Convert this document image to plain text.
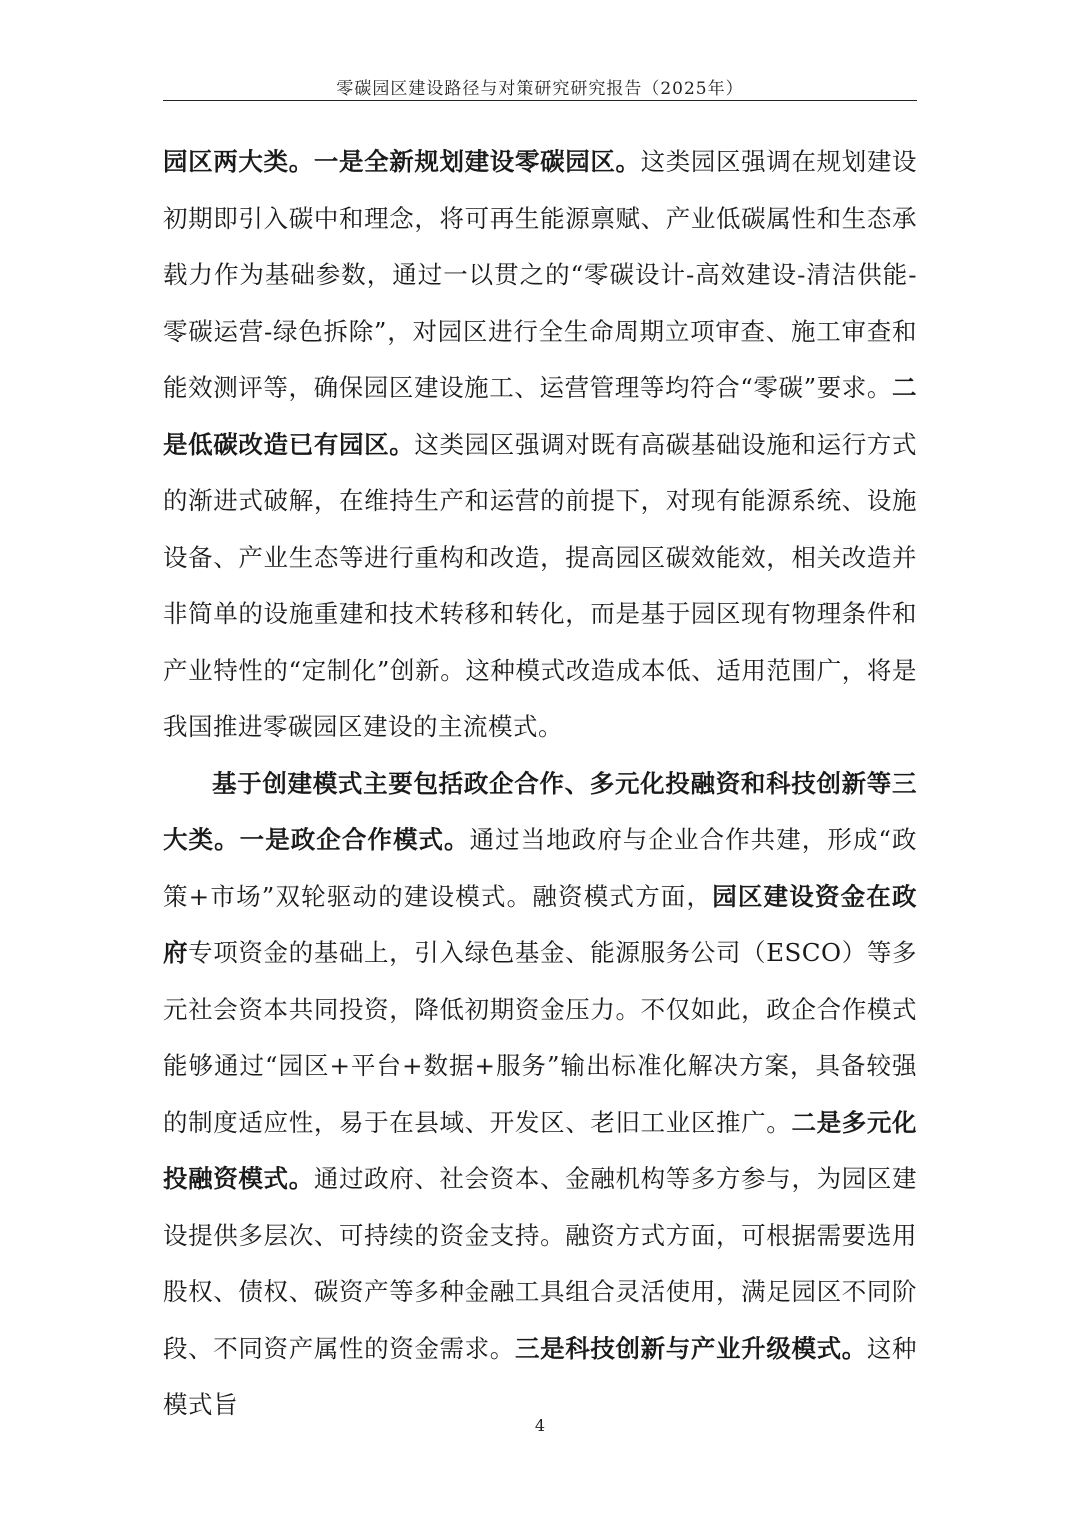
零碳园区建设路径与对策研究研究报告（2025年）

园区两大类。一是全新规划建设零碳园区。这类园区强调在规划建设初期即引入碳中和理念，将可再生能源禀赋、产业低碳属性和生态承载力作为基础参数，通过一以贯之的“零碳设计-高效建设-清洁供能-零碳运营-绿色拆除”，对园区进行全生命周期立项审查、施工审查和能效测评等，确保园区建设施工、运营管理等均符合“零碳”要求。二是低碳改造已有园区。这类园区强调对既有高碳基础设施和运行方式的渐进式破解，在维持生产和运营的前提下，对现有能源系统、设施设备、产业生态等进行重构和改造，提高园区碳效能效，相关改造并非简单的设施重建和技术转移和转化，而是基于园区现有物理条件和产业特性的“定制化”创新。这种模式改造成本低、适用范围广，将是我国推进零碳园区建设的主流模式。

基于创建模式主要包括政企合作、多元化投融资和科技创新等三大类。一是政企合作模式。通过当地政府与企业合作共建，形成“政策+市场”双轮驱动的建设模式。融资模式方面，园区建设资金在政府专项资金的基础上，引入绿色基金、能源服务公司（ESCO）等多元社会资本共同投资，降低初期资金压力。不仅如此，政企合作模式能够通过“园区+平台+数据+服务”输出标准化解决方案，具备较强的制度适应性，易于在县域、开发区、老旧工业区推广。二是多元化投融资模式。通过政府、社会资本、金融机构等多方参与，为园区建设提供多层次、可持续的资金支持。融资方式方面，可根据需要选用股权、债权、碳资产等多种金融工具组合灵活使用，满足园区不同阶段、不同资产属性的资金需求。三是科技创新与产业升级模式。这种模式旨

4
